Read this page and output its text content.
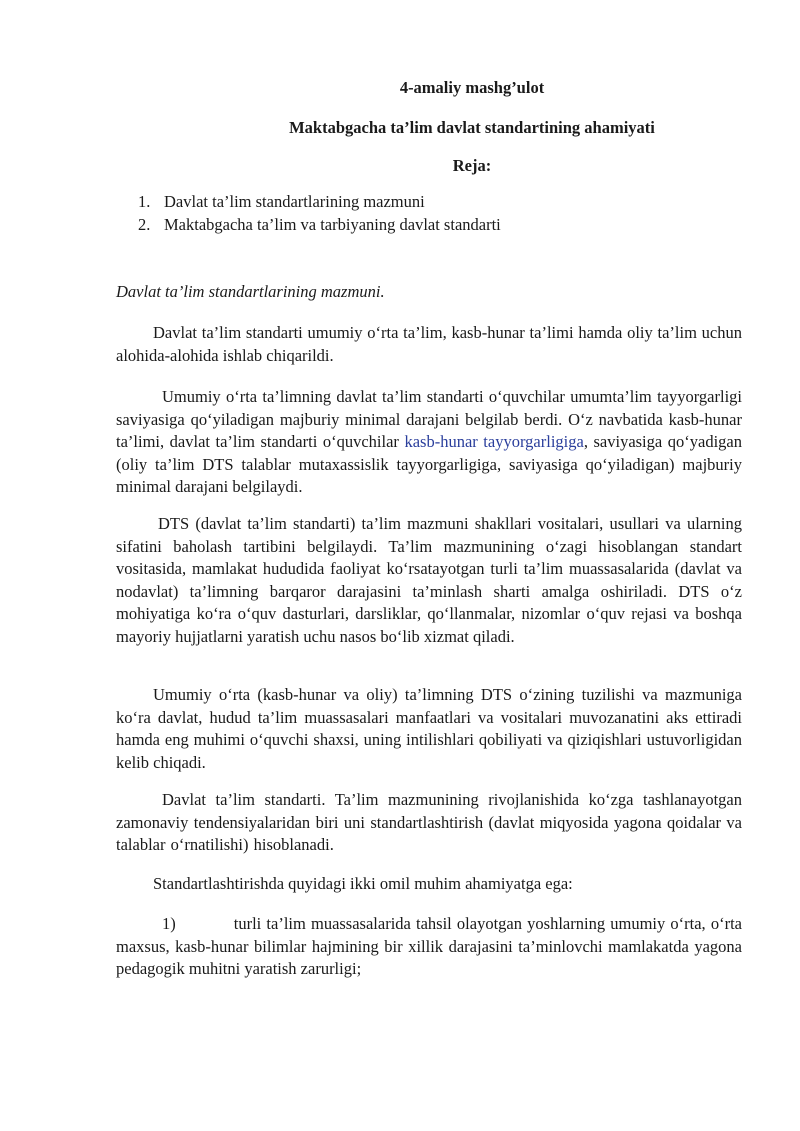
4-amaliy mashg’ulot
Maktabgacha ta’lim davlat standartining ahamiyati
Reja:
1. Davlat ta’lim standartlarining mazmuni
2. Maktabgacha ta’lim va tarbiyaning davlat standarti

Davlat ta’lim standartlarining mazmuni.

Davlat ta’lim standarti umumiy o‘rta ta’lim, kasb-hunar ta’limi hamda oliy ta’lim uchun alohida-alohida ishlab chiqarildi.

Umumiy o‘rta ta’limning davlat ta’lim standarti o‘quvchilar umumta’lim tayyorgarligi saviyasiga qo‘yiladigan majburiy minimal darajani belgilab berdi. O‘z navbatida kasb-hunar ta’limi, davlat ta’lim standarti o‘quvchilar kasb-hunar tayyorgarligiga, saviyasiga qo‘yadigan (oliy ta’lim DTS talablar mutaxassislik tayyorgarligiga, saviyasiga qo‘yiladigan) majburiy minimal darajani belgilaydi.

DTS (davlat ta’lim standarti) ta’lim mazmuni shakllari vositalari, usullari va ularning sifatini baholash tartibini belgilaydi. Ta’lim mazmunining o‘zagi hisoblangan standart vositasida, mamlakat hududida faoliyat ko‘rsatayotgan turli ta’lim muassasalarida (davlat va nodavlat) ta’limning barqaror darajasini ta’minlash sharti amalga oshiriladi. DTS o‘z mohiyatiga ko‘ra o‘quv dasturlari, darsliklar, qo‘llanmalar, nizomlar o‘quv rejasi va boshqa mayoriy hujjatlarni yaratish uchu nasos bo‘lib xizmat qiladi.

Umumiy o‘rta (kasb-hunar va oliy) ta’limning DTS o‘zining tuzilishi va mazmuniga ko‘ra davlat, hudud ta’lim muassasalari manfaatlari va vositalari muvozanatini aks ettiradi hamda eng muhimi o‘quvchi shaxsi, uning intilishlari qobiliyati va qiziqishlari ustuvorligidan kelib chiqadi.

Davlat ta’lim standarti. Ta’lim mazmunining rivojlanishida ko‘zga tashlanayotgan zamonaviy tendensiyalaridan biri uni standartlashtirish (davlat miqyosida yagona qoidalar va talablar o‘rnatilishi) hisoblanadi.

Standartlashtirishda quyidagi ikki omil muhim ahamiyatga ega:

1)	turli ta’lim muassasalarida tahsil olayotgan yoshlarning umumiy o‘rta, o‘rta maxsus, kasb-hunar bilimlar hajmining bir xillik darajasini ta’minlovchi mamlakatda yagona pedagogik muhitni yaratish zarurligi;
